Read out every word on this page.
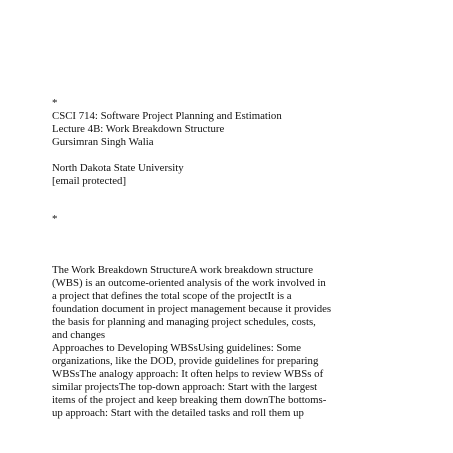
*

CSCI 714: Software Project Planning and Estimation

Lecture 4B: Work Breakdown Structure

Gursimran Singh Walia

North Dakota State University

[email protected]

*

The Work Breakdown StructureA work breakdown structure

(WBS) is an outcome-oriented analysis of the work involved in

a project that defines the total scope of the projectIt is a

foundation document in project management because it provides

the basis for planning and managing project schedules, costs,

and changes

Approaches to Developing WBSsUsing guidelines: Some

organizations, like the DOD, provide guidelines for preparing

WBSsThe analogy approach: It often helps to review WBSs of

similar projectsThe top-down approach: Start with the largest

items of the project and keep breaking them downThe bottoms-

up approach: Start with the detailed tasks and roll them up
